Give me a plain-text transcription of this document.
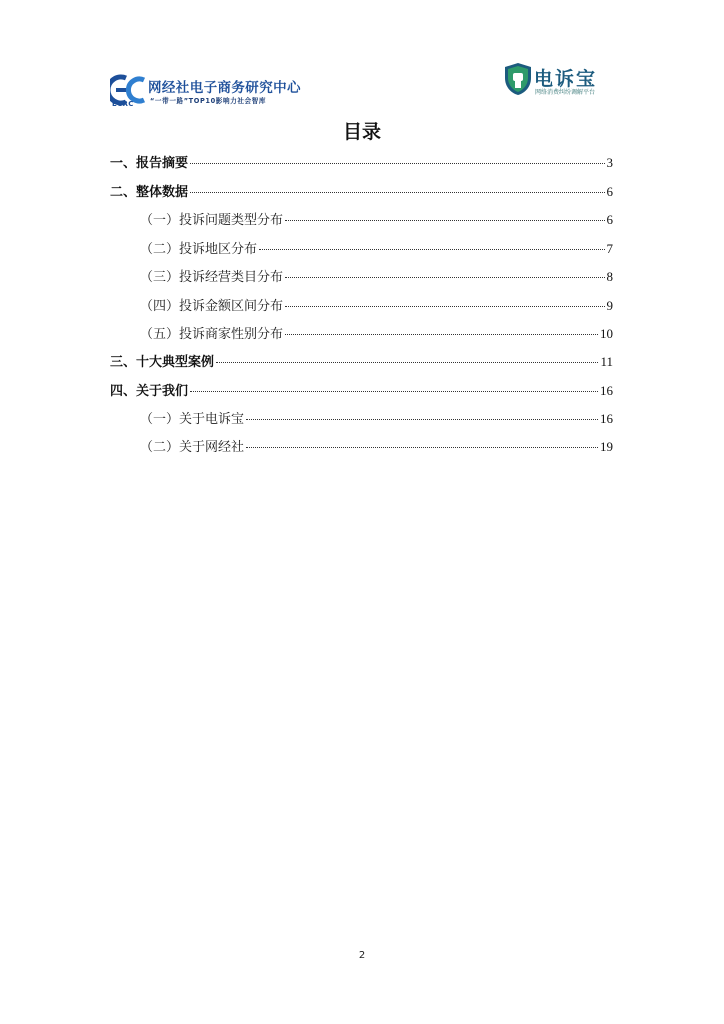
网经社电子商务研究中心
“一带一路”TOP10影响力社会智库
ECRC
电诉宝
网络消费纠纷调解平台
目录
一、报告摘要	3
二、整体数据	6
（一）投诉问题类型分布	6
（二）投诉地区分布	7
（三）投诉经营类目分布	8
（四）投诉金额区间分布	9
（五）投诉商家性别分布	10
三、十大典型案例	11
四、关于我们	16
（一）关于电诉宝	16
（二）关于网经社	19
2
